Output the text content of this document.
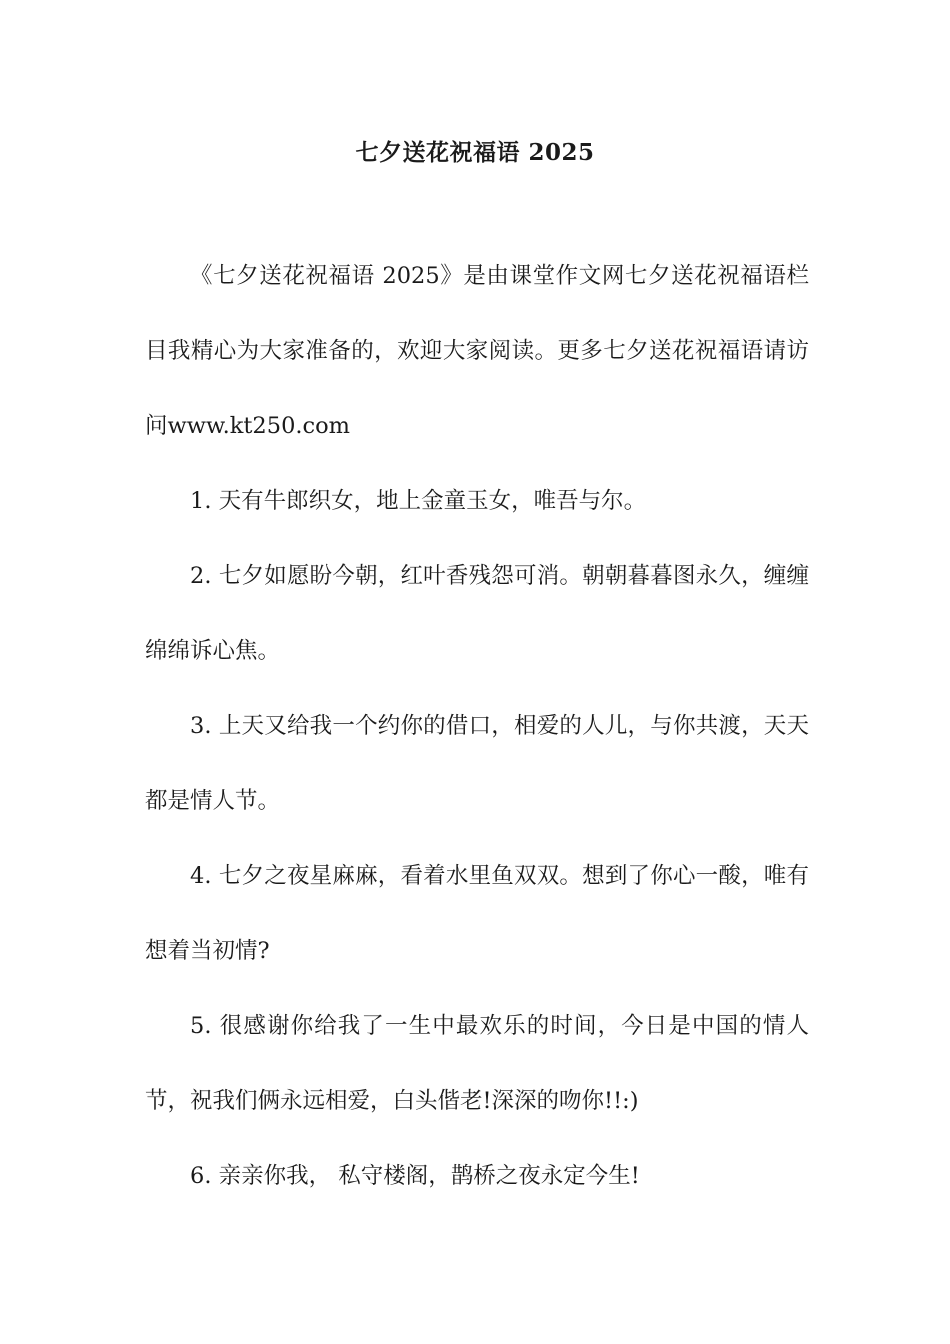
七夕送花祝福语 2025

《七夕送花祝福语 2025》是由课堂作文网七夕送花祝福语栏目我精心为大家准备的，欢迎大家阅读。更多七夕送花祝福语请访问www.kt250.com

1. 天有牛郎织女，地上金童玉女，唯吾与尔。

2. 七夕如愿盼今朝，红叶香残怨可消。朝朝暮暮图永久，缠缠绵绵诉心焦。

3. 上天又给我一个约你的借口，相爱的人儿，与你共渡，天天都是情人节。

4. 七夕之夜星麻麻，看着水里鱼双双。想到了你心一酸，唯有想着当初情?

5. 很感谢你给我了一生中最欢乐的时间，今日是中国的情人节，祝我们俩永远相爱，白头偕老!深深的吻你!!:)

6. 亲亲你我， 私守楼阁，鹊桥之夜永定今生!
